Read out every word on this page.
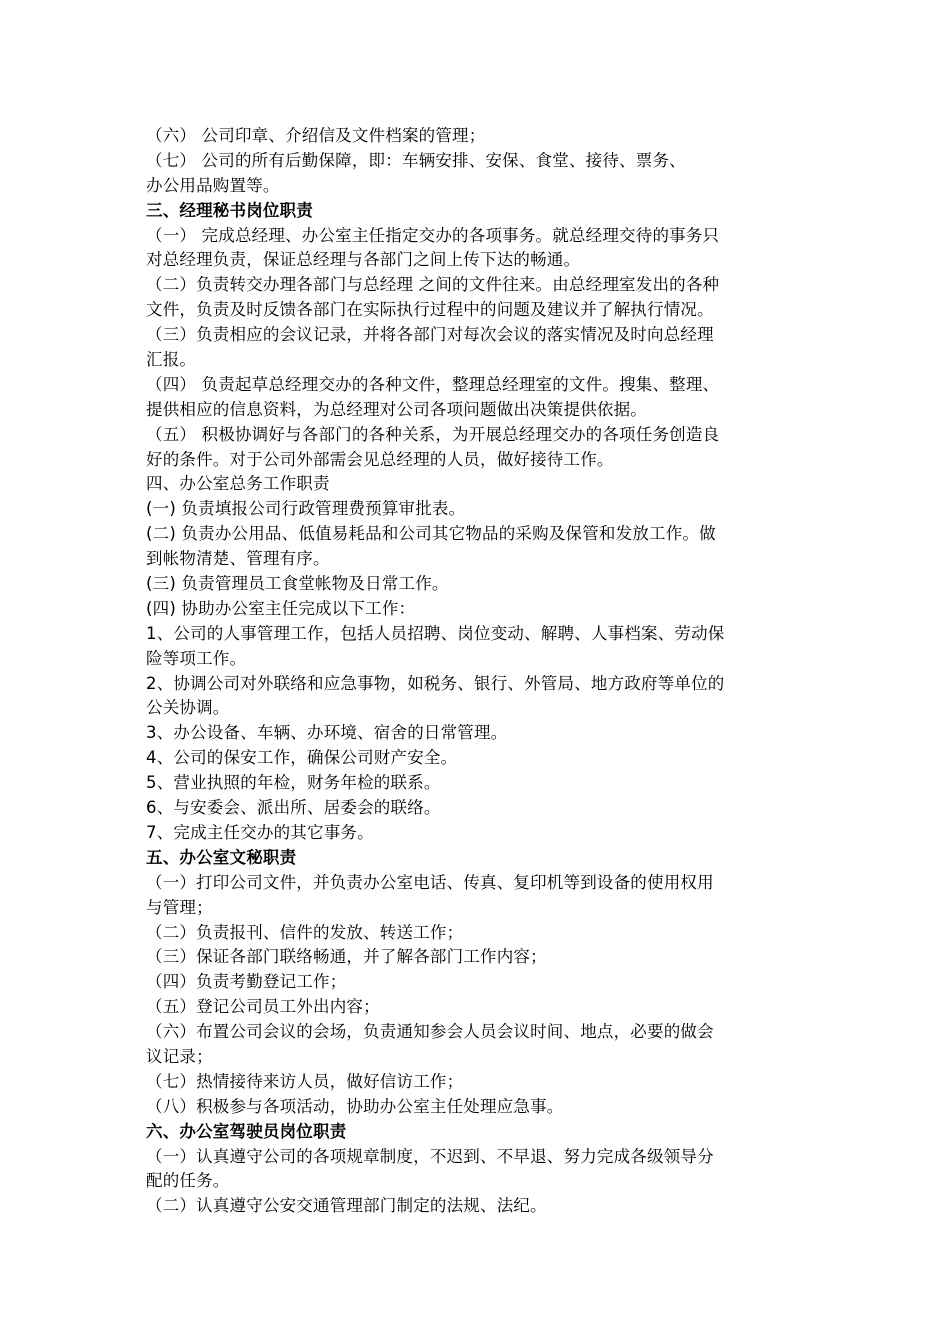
（六） 公司印章、介绍信及文件档案的管理；
（七） 公司的所有后勤保障，即：车辆安排、安保、食堂、接待、票务、
办公用品购置等。
三、经理秘书岗位职责
（一） 完成总经理、办公室主任指定交办的各项事务。就总经理交待的事务只
对总经理负责，保证总经理与各部门之间上传下达的畅通。
（二）负责转交办理各部门与总经理 之间的文件往来。由总经理室发出的各种
文件，负责及时反馈各部门在实际执行过程中的问题及建议并了解执行情况。
（三）负责相应的会议记录，并将各部门对每次会议的落实情况及时向总经理
汇报。
（四） 负责起草总经理交办的各种文件，整理总经理室的文件。搜集、整理、
提供相应的信息资料，为总经理对公司各项问题做出决策提供依据。
（五） 积极协调好与各部门的各种关系，为开展总经理交办的各项任务创造良
好的条件。对于公司外部需会见总经理的人员，做好接待工作。
四、办公室总务工作职责
(一) 负责填报公司行政管理费预算审批表。
(二) 负责办公用品、低值易耗品和公司其它物品的采购及保管和发放工作。做
到帐物清楚、管理有序。
(三) 负责管理员工食堂帐物及日常工作。
(四) 协助办公室主任完成以下工作：
1、公司的人事管理工作，包括人员招聘、岗位变动、解聘、人事档案、劳动保
险等项工作。
2、协调公司对外联络和应急事物，如税务、银行、外管局、地方政府等单位的
公关协调。
3、办公设备、车辆、办环境、宿舍的日常管理。
4、公司的保安工作，确保公司财产安全。
5、营业执照的年检，财务年检的联系。
6、与安委会、派出所、居委会的联络。
7、完成主任交办的其它事务。
五、办公室文秘职责
（一）打印公司文件，并负责办公室电话、传真、复印机等到设备的使用权用
与管理；
（二）负责报刊、信件的发放、转送工作；
（三）保证各部门联络畅通，并了解各部门工作内容；
（四）负责考勤登记工作；
（五）登记公司员工外出内容；
（六）布置公司会议的会场，负责通知参会人员会议时间、地点，必要的做会
议记录；
（七）热情接待来访人员，做好信访工作；
（八）积极参与各项活动，协助办公室主任处理应急事。
六、办公室驾驶员岗位职责
（一）认真遵守公司的各项规章制度，不迟到、不早退、努力完成各级领导分
配的任务。
（二）认真遵守公安交通管理部门制定的法规、法纪。
